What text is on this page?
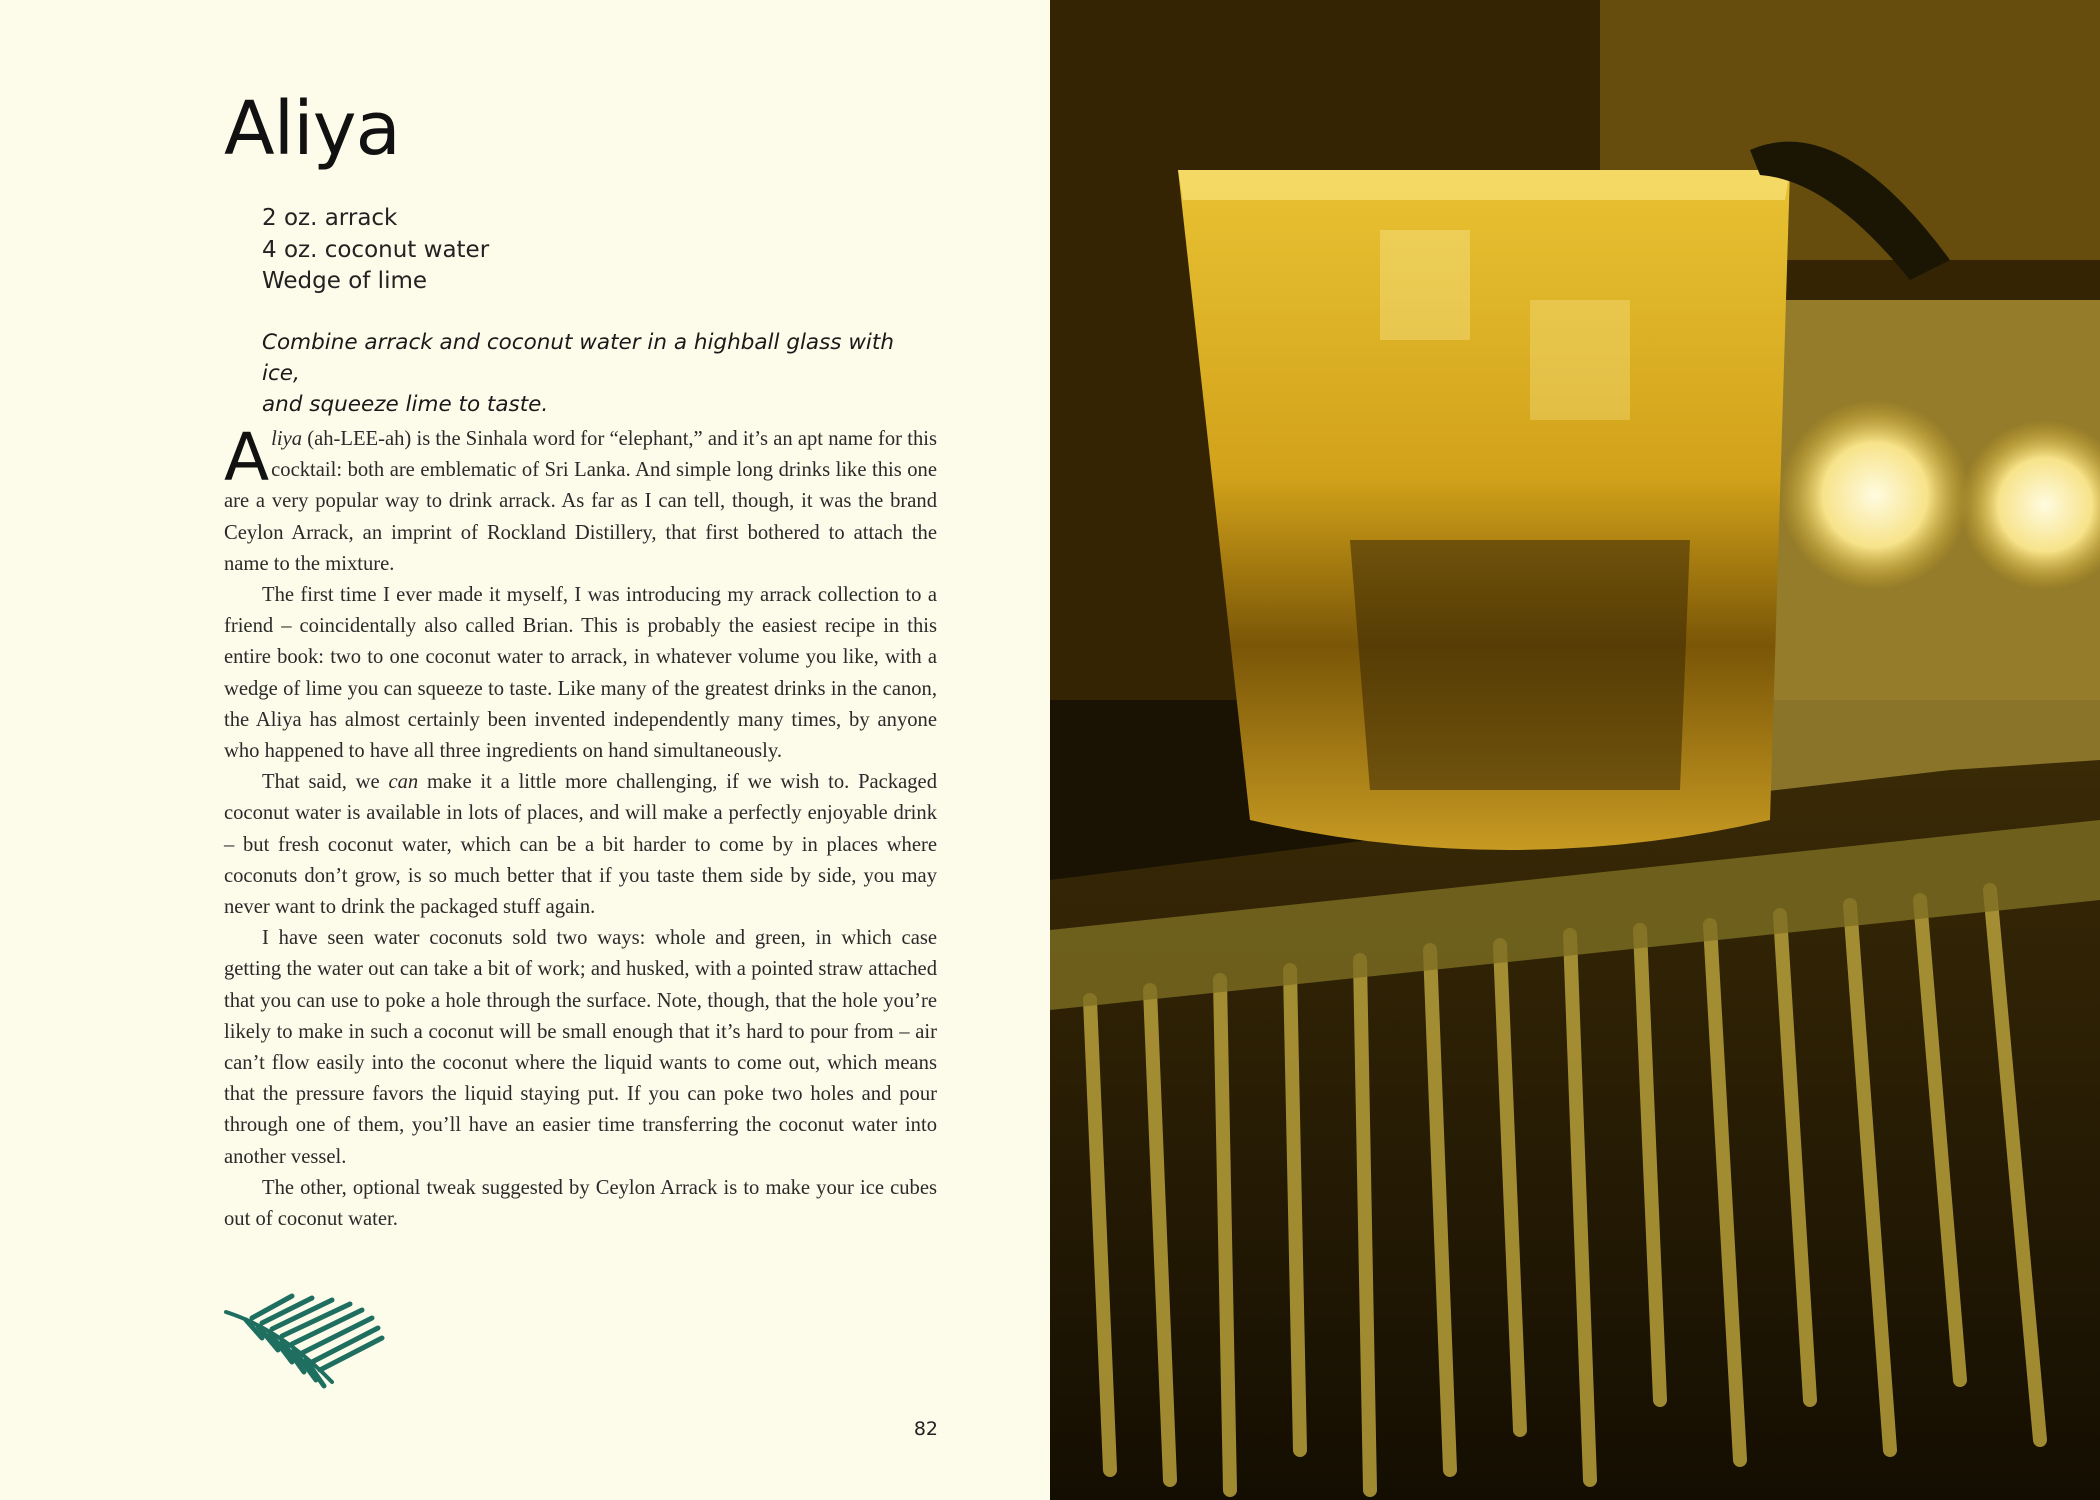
Aliya
2 oz. arrack
4 oz. coconut water
Wedge of lime

Combine arrack and coconut water in a highball glass with ice,
and squeeze lime to taste.

Aliya (ah-LEE-ah) is the Sinhala word for “elephant,” and it’s an apt name for this cocktail: both are emblematic of Sri Lanka. And simple long drinks like this one are a very popular way to drink arrack. As far as I can tell, though, it was the brand Ceylon Arrack, an imprint of Rockland Distillery, that first bothered to attach the name to the mixture.

The first time I ever made it myself, I was introducing my arrack collection to a friend – coincidentally also called Brian. This is probably the easiest recipe in this entire book: two to one coconut water to arrack, in whatever volume you like, with a wedge of lime you can squeeze to taste. Like many of the greatest drinks in the canon, the Aliya has almost certainly been invented independently many times, by anyone who happened to have all three ingredients on hand simultaneously.

That said, we can make it a little more challenging, if we wish to. Packaged coconut water is available in lots of places, and will make a perfectly enjoyable drink – but fresh coconut water, which can be a bit harder to come by in places where coconuts don’t grow, is so much better that if you taste them side by side, you may never want to drink the packaged stuff again.

I have seen water coconuts sold two ways: whole and green, in which case getting the water out can take a bit of work; and husked, with a pointed straw attached that you can use to poke a hole through the surface. Note, though, that the hole you’re likely to make in such a coconut will be small enough that it’s hard to pour from – air can’t flow easily into the coconut where the liquid wants to come out, which means that the pressure favors the liquid staying put. If you can poke two holes and pour through one of them, you’ll have an easier time transferring the coconut water into another vessel.

The other, optional tweak suggested by Ceylon Arrack is to make your ice cubes out of coconut water.

82
